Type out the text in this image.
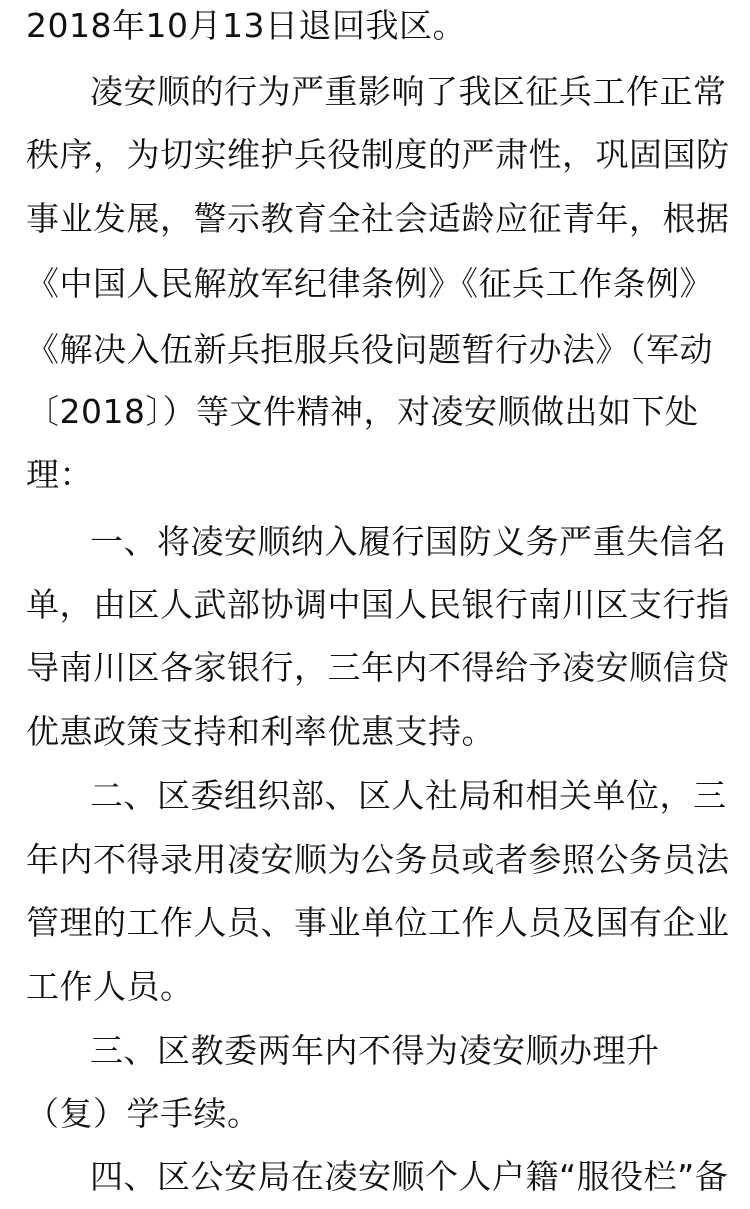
2018年10月13日退回我区。
凌安顺的行为严重影响了我区征兵工作正常
秩序，为切实维护兵役制度的严肃性，巩固国防
事业发展，警示教育全社会适龄应征青年，根据
《中国人民解放军纪律条例》《征兵工作条例》
《解决入伍新兵拒服兵役问题暂行办法》（军动
〔2018〕）等文件精神，对凌安顺做出如下处
理：
一、将凌安顺纳入履行国防义务严重失信名
单，由区人武部协调中国人民银行南川区支行指
导南川区各家银行，三年内不得给予凌安顺信贷
优惠政策支持和利率优惠支持。
二、区委组织部、区人社局和相关单位，三
年内不得录用凌安顺为公务员或者参照公务员法
管理的工作人员、事业单位工作人员及国有企业
工作人员。
三、区教委两年内不得为凌安顺办理升
（复）学手续。
四、区公安局在凌安顺个人户籍“服役栏”备
